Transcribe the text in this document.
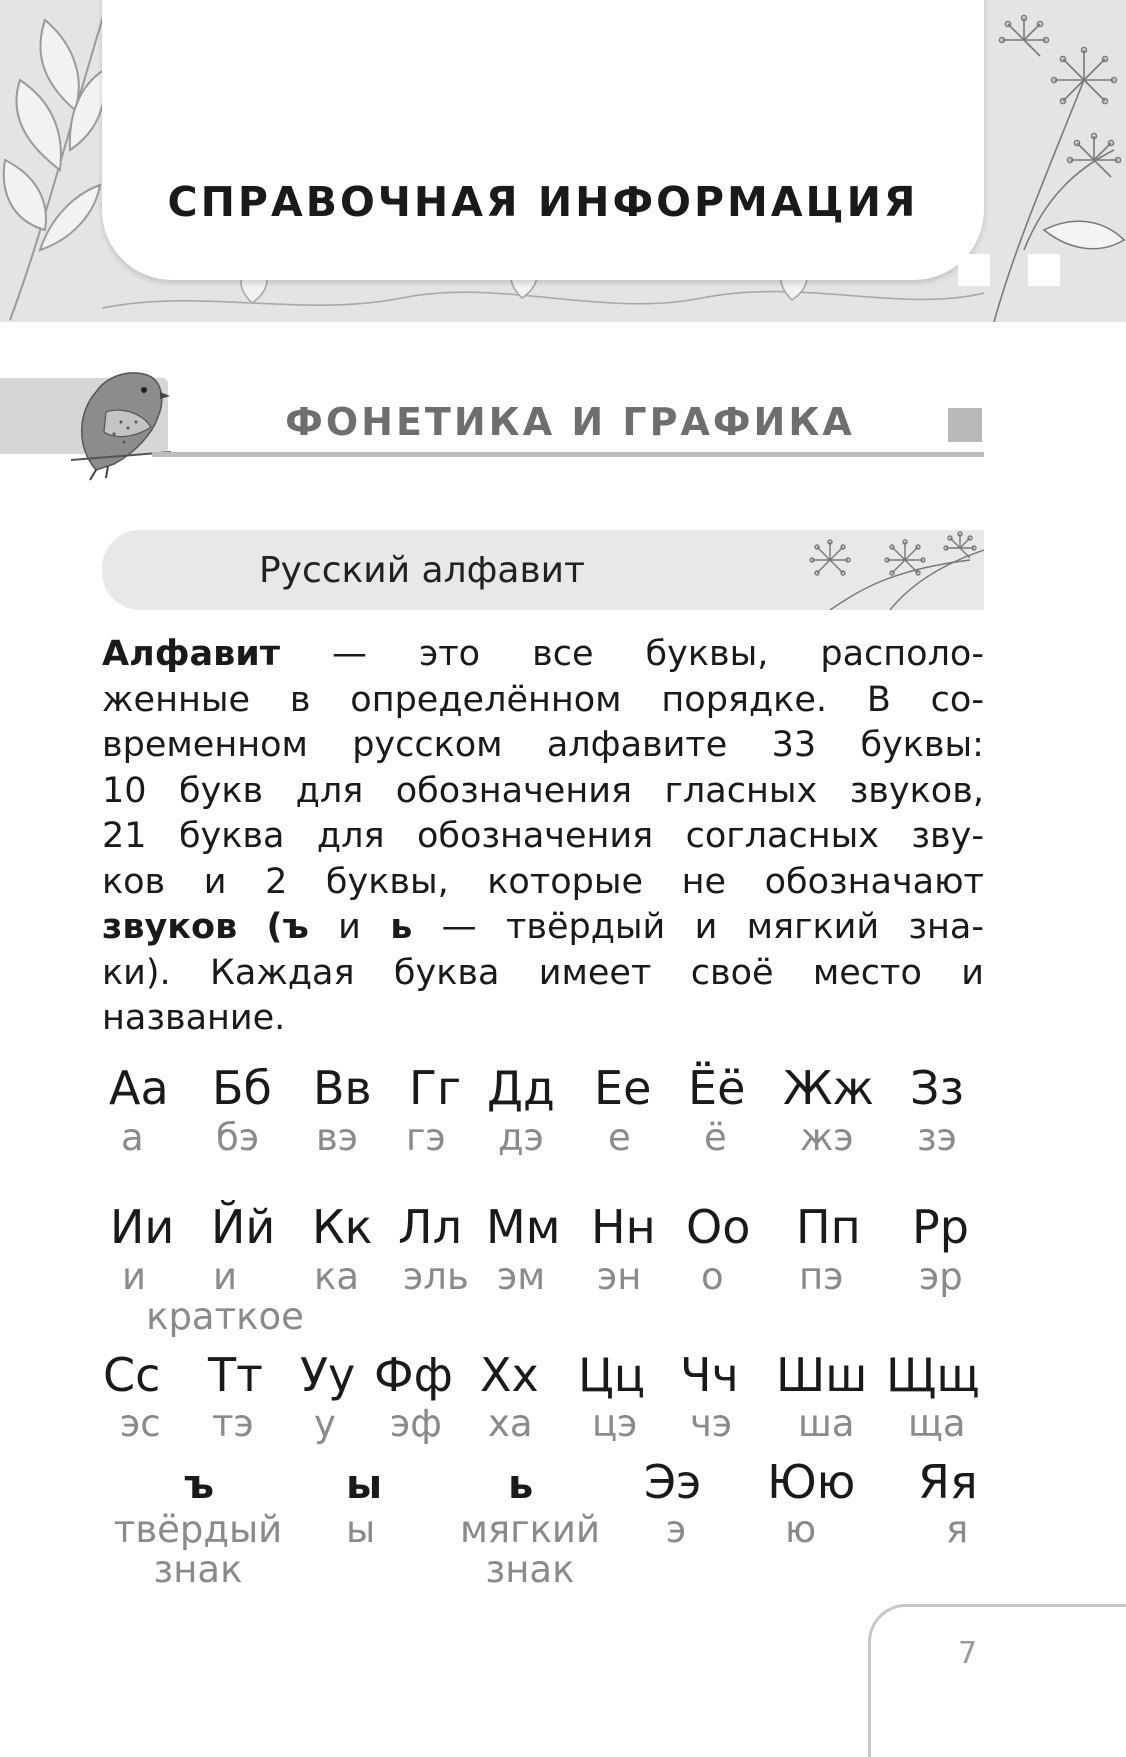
СПРАВОЧНАЯ ИНФОРМАЦИЯ
ФОНЕТИКА И ГРАФИКА
Русский алфавит
Алфавит — это все буквы, располо-
женные в определённом порядке. В со-
временном русском алфавите 33 буквы:
10 букв для обозначения гласных звуков,
21 буква для обозначения согласных зву-
ков и 2 буквы, которые не обозначают
звуков (ъ и ь — твёрдый и мягкий зна-
ки). Каждая буква имеет своё место и
название.
Аа
а
Бб
бэ
Вв
вэ
Гг
гэ
Дд
дэ
Ее
е
Ёё
ё
Жж
жэ
Зз
зэ
Ии
и
Йй
и краткое
Кк
ка
Лл
эль
Мм
эм
Нн
эн
Оо
о
Пп
пэ
Рр
эр
Сс
эс
Тт
тэ
Уу
у
Фф
эф
Хх
ха
Цц
цэ
Чч
чэ
Шш
ша
Щщ
ща
ъ
твёрдый знак
ы
ы
ь
мягкий знак
Ээ
э
Юю
ю
Яя
я
7
